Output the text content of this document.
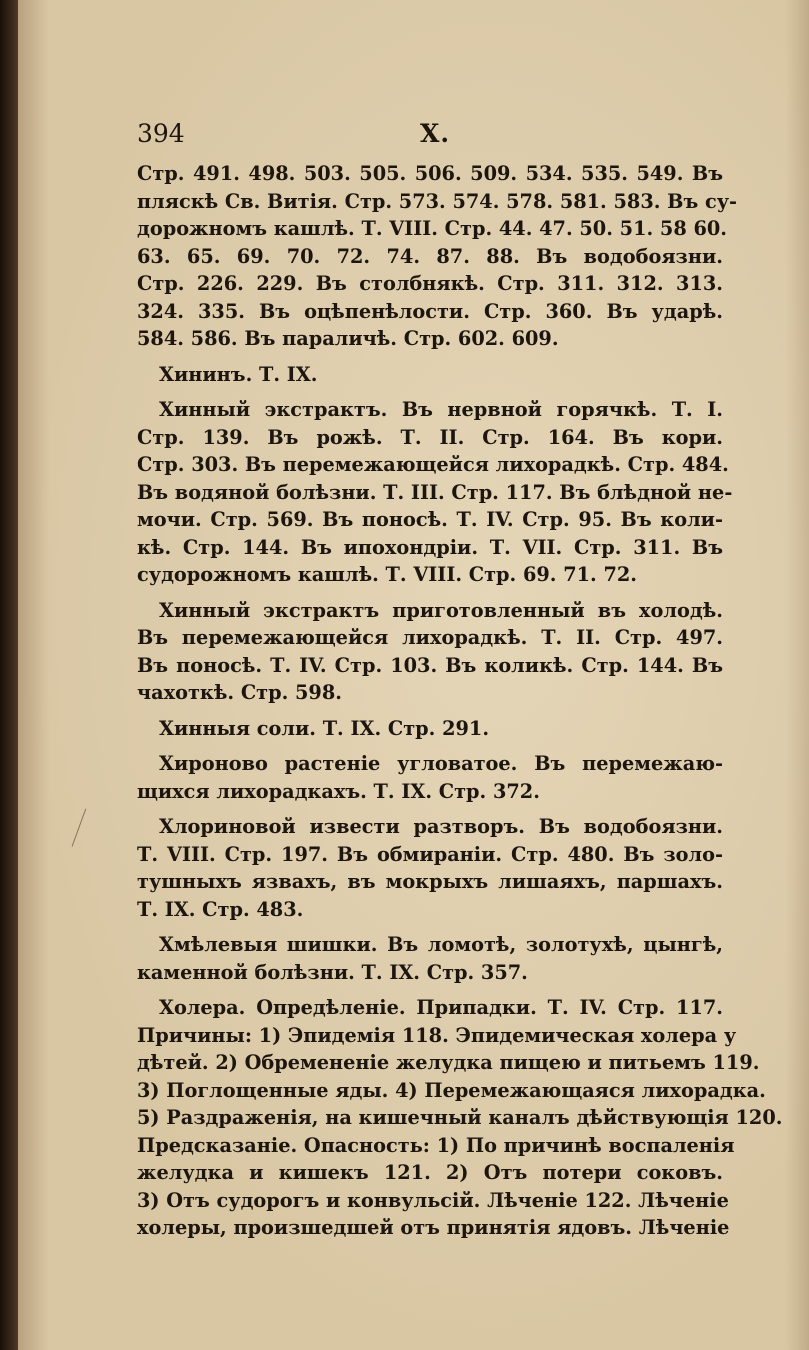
394	X.
Стр. 491. 498. 503. 505. 506. 509. 534. 535. 549. Въ
пляскѣ Св. Витія. Стр. 573. 574. 578. 581. 583. Въ су-
дорожномъ кашлѣ. Т. VIII. Стр. 44. 47. 50. 51. 58 60.
63. 65. 69. 70. 72. 74. 87. 88. Въ водобоязни.
Стр. 226. 229. Въ столбнякѣ. Стр. 311. 312. 313.
324. 335. Въ оцѣпенѣлости. Стр. 360. Въ ударѣ.
584. 586. Въ параличѣ. Стр. 602. 609.
Хининъ. Т. IX.
Хинный экстрактъ. Въ нервной горячкѣ. Т. I.
Стр. 139. Въ рожѣ. Т. II. Стр. 164. Въ кори.
Стр. 303. Въ перемежающейся лихорадкѣ. Стр. 484.
Въ водяной болѣзни. Т. III. Стр. 117. Въ блѣдной не-
мочи. Стр. 569. Въ поносѣ. Т. IV. Стр. 95. Въ коли-
кѣ. Стр. 144. Въ ипохондріи. Т. VII. Стр. 311. Въ
судорожномъ кашлѣ. Т. VIII. Стр. 69. 71. 72.
Хинный экстрактъ приготовленный въ холодѣ.
Въ перемежающейся лихорадкѣ. Т. II. Стр. 497.
Въ поносѣ. Т. IV. Стр. 103. Въ коликѣ. Стр. 144. Въ
чахоткѣ. Стр. 598.
Хинныя соли. Т. IX. Стр. 291.
Хироново растеніе угловатое. Въ перемежаю-
щихся лихорадкахъ. Т. IX. Стр. 372.
Хлориновой извести разтворъ. Въ водобоязни.
Т. VIII. Стр. 197. Въ обмираніи. Стр. 480. Въ золо-
тушныхъ язвахъ, въ мокрыхъ лишаяхъ, паршахъ.
Т. IX. Стр. 483.
Хмѣлевыя шишки. Въ ломотѣ, золотухѣ, цынгѣ,
каменной болѣзни. Т. IX. Стр. 357.
Холера. Опредѣленіе. Припадки. Т. IV. Стр. 117.
Причины: 1) Эпидемія 118. Эпидемическая холера у
дѣтей. 2) Обремененіе желудка пищею и питьемъ 119.
3) Поглощенные яды. 4) Перемежающаяся лихорадка.
5) Раздраженія, на кишечный каналъ дѣйствующія 120.
Предсказаніе. Опасность: 1) По причинѣ воспаленія
желудка и кишекъ 121. 2) Отъ потери соковъ.
3) Отъ судорогъ и конвульсій. Лѣченіе 122. Лѣченіе
холеры, произшедшей отъ принятія ядовъ. Лѣченіе
